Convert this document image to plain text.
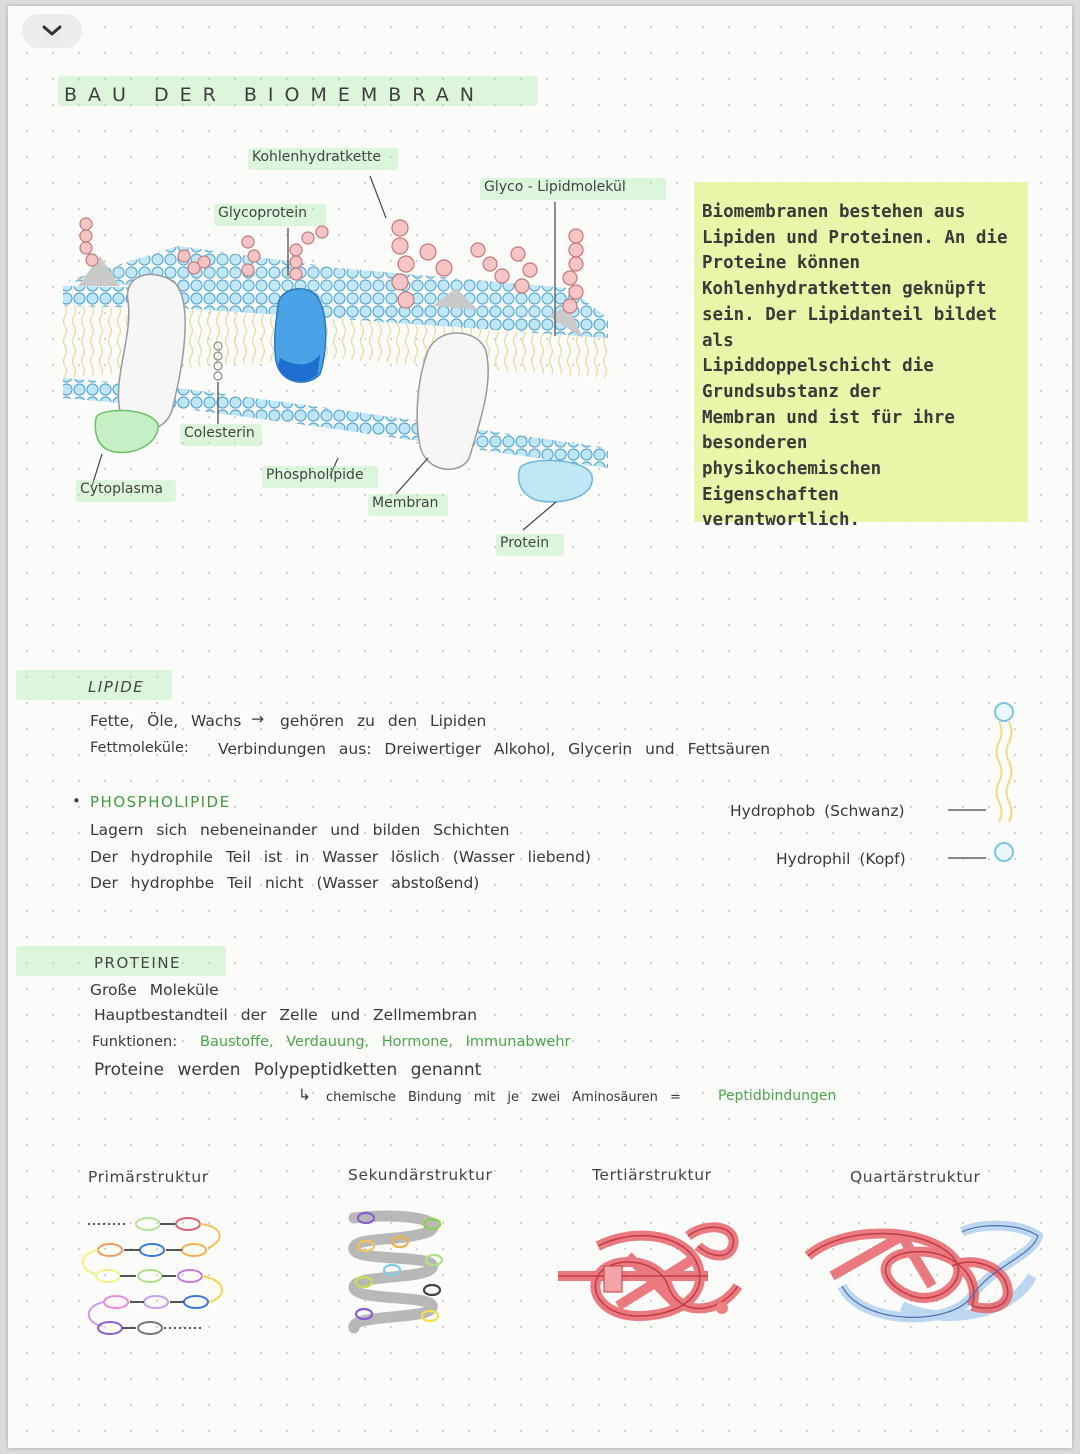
BAU DER BIOMEMBRAN
Kohlenhydratkette
Glycoprotein
Glyco - Lipidmolekül
Colesterin
Cytoplasma
Phospholipide
Membran
Protein
Biomembranen bestehen aus
Lipiden und Proteinen. An die
Proteine können
Kohlenhydratketten geknüpft
sein. Der Lipidanteil bildet als
Lipiddoppelschicht die
Grundsubstanz der
Membran und ist für ihre
besonderen
physikochemischen
Eigenschaften
verantwortlich.
LIPIDE
Fette, Öle, Wachs → gehören zu den Lipiden
Fettmoleküle: Verbindungen aus: Dreiwertiger Alkohol, Glycerin und Fettsäuren
• PHOSPHOLIPIDE
Lagern sich nebeneinander und bilden Schichten
Der hydrophile Teil ist in Wasser löslich (Wasser liebend)
Der hydrophbe Teil nicht (Wasser abstoßend)
Hydrophob (Schwanz)
Hydrophil (Kopf)
PROTEINE
Große Moleküle
Hauptbestandteil der Zelle und Zellmembran
Funktionen: Baustoffe, Verdauung, Hormone, Immunabwehr
Proteine werden Polypeptidketten genannt
↳ chemische Bindung mit je zwei Aminosäuren =	Peptidbindungen
Primärstruktur	Sekundärstruktur	Tertiärstruktur	Quartärstruktur
